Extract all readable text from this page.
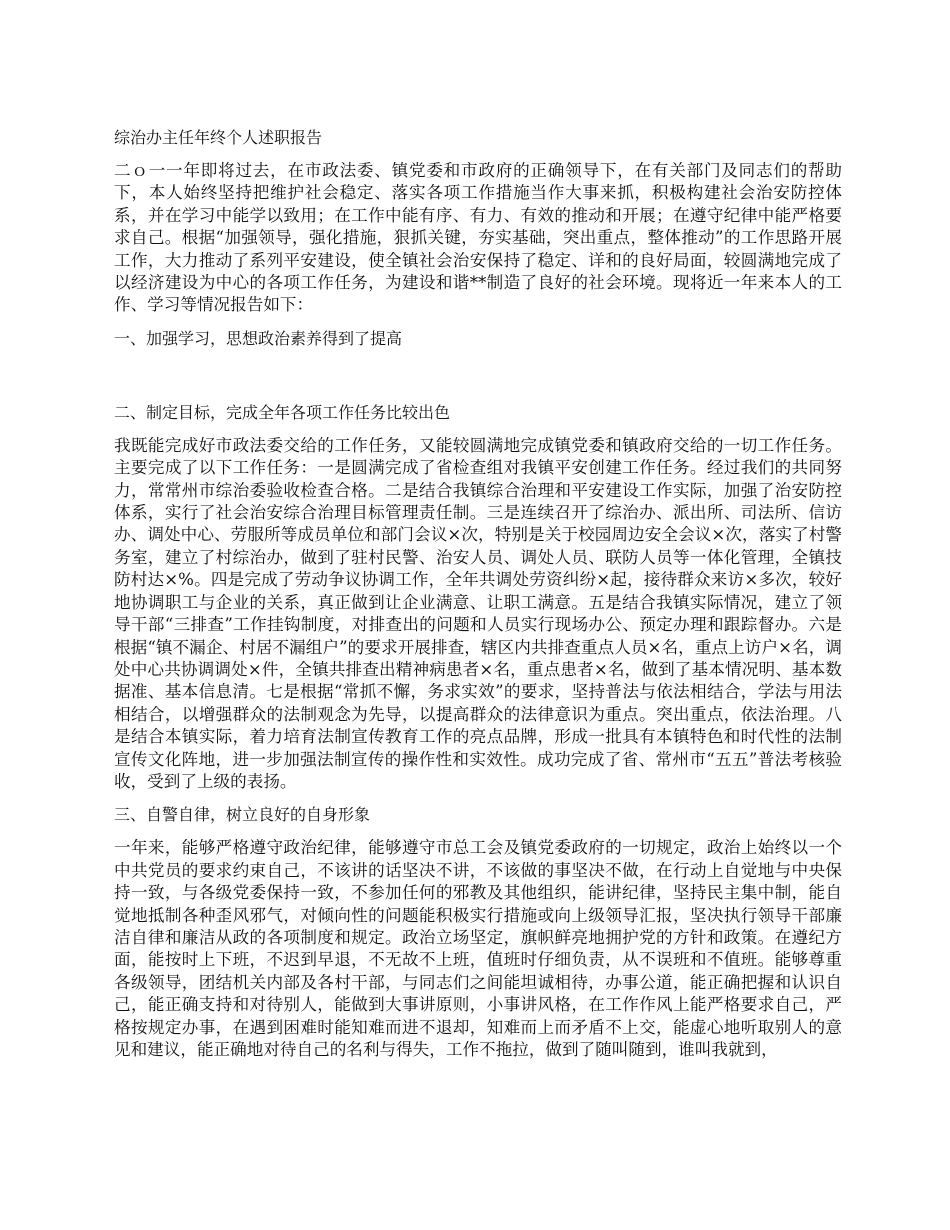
综治办主任年终个人述职报告
二ｏ一一年即将过去，在市政法委、镇党委和市政府的正确领导下，在有关部门及同志们的帮助下，本人始终坚持把维护社会稳定、落实各项工作措施当作大事来抓，积极构建社会治安防控体系，并在学习中能学以致用；在工作中能有序、有力、有效的推动和开展；在遵守纪律中能严格要求自己。根据“加强领导，强化措施，狠抓关键，夯实基础，突出重点，整体推动”的工作思路开展工作，大力推动了系列平安建设，使全镇社会治安保持了稳定、详和的良好局面，较圆满地完成了以经济建设为中心的各项工作任务，为建设和谐**制造了良好的社会环境。现将近一年来本人的工作、学习等情况报告如下：
一、加强学习，思想政治素养得到了提高
二、制定目标，完成全年各项工作任务比较出色
我既能完成好市政法委交给的工作任务，又能较圆满地完成镇党委和镇政府交给的一切工作任务。主要完成了以下工作任务：一是圆满完成了省检查组对我镇平安创建工作任务。经过我们的共同努力，常常州市综治委验收检查合格。二是结合我镇综合治理和平安建设工作实际，加强了治安防控体系，实行了社会治安综合治理目标管理责任制。三是连续召开了综治办、派出所、司法所、信访办、调处中心、劳服所等成员单位和部门会议×次，特别是关于校园周边安全会议×次，落实了村警务室，建立了村综治办，做到了驻村民警、治安人员、调处人员、联防人员等一体化管理，全镇技防村达×%。四是完成了劳动争议协调工作，全年共调处劳资纠纷×起，接待群众来访×多次，较好地协调职工与企业的关系，真正做到让企业满意、让职工满意。五是结合我镇实际情况，建立了领导干部“三排查”工作挂钩制度，对排查出的问题和人员实行现场办公、预定办理和跟踪督办。六是根据“镇不漏企、村居不漏组户”的要求开展排查，辖区内共排查重点人员×名，重点上访户×名，调处中心共协调调处×件，全镇共排查出精神病患者×名，重点患者×名，做到了基本情况明、基本数据准、基本信息清。七是根据“常抓不懈，务求实效”的要求，坚持普法与依法相结合，学法与用法相结合，以增强群众的法制观念为先导，以提高群众的法律意识为重点。突出重点，依法治理。八是结合本镇实际，着力培育法制宣传教育工作的亮点品牌，形成一批具有本镇特色和时代性的法制宣传文化阵地，进一步加强法制宣传的操作性和实效性。成功完成了省、常州市“五五”普法考核验收，受到了上级的表扬。
三、自警自律，树立良好的自身形象
一年来，能够严格遵守政治纪律，能够遵守市总工会及镇党委政府的一切规定，政治上始终以一个中共党员的要求约束自己，不该讲的话坚决不讲，不该做的事坚决不做，在行动上自觉地与中央保持一致，与各级党委保持一致，不参加任何的邪教及其他组织，能讲纪律，坚持民主集中制，能自觉地抵制各种歪风邪气，对倾向性的问题能积极实行措施或向上级领导汇报，坚决执行领导干部廉洁自律和廉洁从政的各项制度和规定。政治立场坚定，旗帜鲜亮地拥护党的方针和政策。在遵纪方面，能按时上下班，不迟到早退，不无故不上班，值班时仔细负责，从不误班和不值班。能够尊重各级领导，团结机关内部及各村干部，与同志们之间能坦诚相待，办事公道，能正确把握和认识自己，能正确支持和对待别人，能做到大事讲原则，小事讲风格，在工作作风上能严格要求自己，严格按规定办事，在遇到困难时能知难而进不退却，知难而上而矛盾不上交，能虚心地听取别人的意见和建议，能正确地对待自己的名利与得失，工作不拖拉，做到了随叫随到，谁叫我就到，
